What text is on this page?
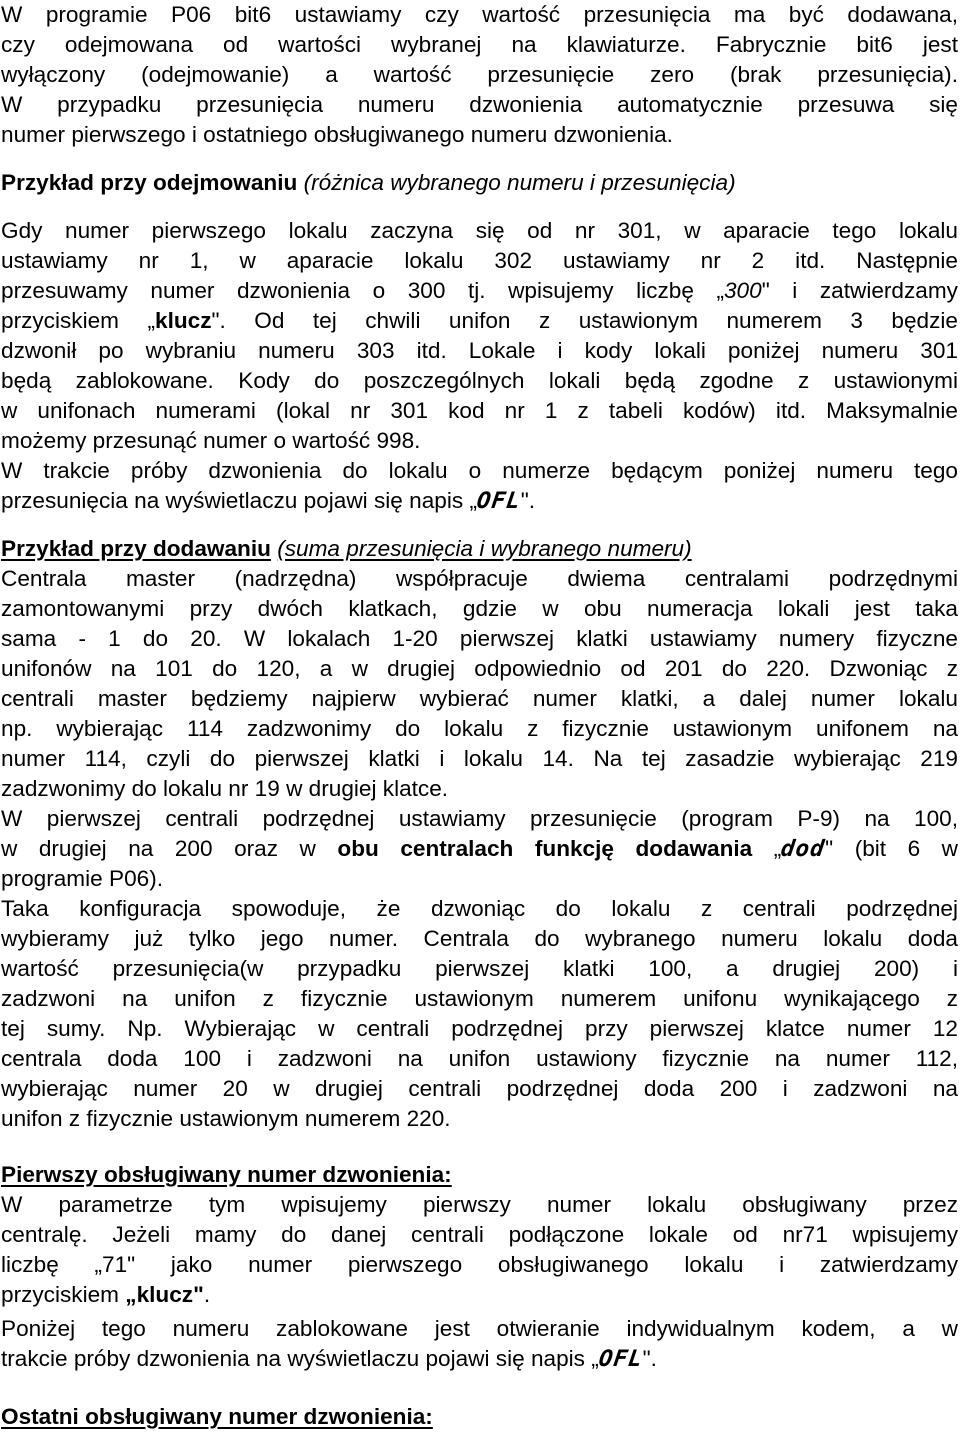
W programie P06 bit6 ustawiamy czy wartość przesunięcia ma być dodawana,
czy odejmowana od wartości wybranej na klawiaturze. Fabrycznie bit6 jest
wyłączony (odejmowanie) a wartość przesunięcie zero (brak przesunięcia).
W przypadku przesunięcia numeru dzwonienia automatycznie przesuwa się
numer pierwszego i ostatniego obsługiwanego numeru dzwonienia.
Przykład przy odejmowaniu (różnica wybranego numeru i przesunięcia)
Gdy numer pierwszego lokalu zaczyna się od nr 301, w aparacie tego lokalu
ustawiamy nr 1, w aparacie lokalu 302 ustawiamy nr 2 itd. Następnie
przesuwamy numer dzwonienia o 300 tj. wpisujemy liczbę „300" i zatwierdzamy
przyciskiem „klucz". Od tej chwili unifon z ustawionym numerem 3 będzie
dzwonił po wybraniu numeru 303 itd. Lokale i kody lokali poniżej numeru 301
będą zablokowane. Kody do poszczególnych lokali będą zgodne z ustawionymi
w unifonach numerami (lokal nr 301 kod nr 1 z tabeli kodów) itd. Maksymalnie
możemy przesunąć numer o wartość 998.
W trakcie próby dzwonienia do lokalu o numerze będącym poniżej numeru tego
przesunięcia na wyświetlaczu pojawi się napis „OFL".
Przykład przy dodawaniu (suma przesunięcia i wybranego numeru)
Centrala master (nadrzędna) współpracuje dwiema centralami podrzędnymi
zamontowanymi przy dwóch klatkach, gdzie w obu numeracja lokali jest taka
sama - 1 do 20. W lokalach 1-20 pierwszej klatki ustawiamy numery fizyczne
unifonów na 101 do 120, a w drugiej odpowiednio od 201 do 220. Dzwoniąc z
centrali master będziemy najpierw wybierać numer klatki, a dalej numer lokalu
np. wybierając 114 zadzwonimy do lokalu z fizycznie ustawionym unifonem na
numer 114, czyli do pierwszej klatki i lokalu 14. Na tej zasadzie wybierając 219
zadzwonimy do lokalu nr 19 w drugiej klatce.
W pierwszej centrali podrzędnej ustawiamy przesunięcie (program P-9) na 100,
w drugiej na 200 oraz w obu centralach funkcję dodawania „dod" (bit 6 w
programie P06).
Taka konfiguracja spowoduje, że dzwoniąc do lokalu z centrali podrzędnej
wybieramy już tylko jego numer. Centrala do wybranego numeru lokalu doda
wartość przesunięcia(w przypadku pierwszej klatki 100, a drugiej 200) i
zadzwoni na unifon z fizycznie ustawionym numerem unifonu wynikającego z
tej sumy. Np. Wybierając w centrali podrzędnej przy pierwszej klatce numer 12
centrala doda 100 i zadzwoni na unifon ustawiony fizycznie na numer 112,
wybierając numer 20 w drugiej centrali podrzędnej doda 200 i zadzwoni na
unifon z fizycznie ustawionym numerem 220.
Pierwszy obsługiwany numer dzwonienia:
W parametrze tym wpisujemy pierwszy numer lokalu obsługiwany przez
centralę. Jeżeli mamy do danej centrali podłączone lokale od nr71 wpisujemy
liczbę „71" jako numer pierwszego obsługiwanego lokalu i zatwierdzamy
przyciskiem „klucz".
Poniżej tego numeru zablokowane jest otwieranie indywidualnym kodem, a w
trakcie próby dzwonienia na wyświetlaczu pojawi się napis „OFL".
Ostatni obsługiwany numer dzwonienia:
